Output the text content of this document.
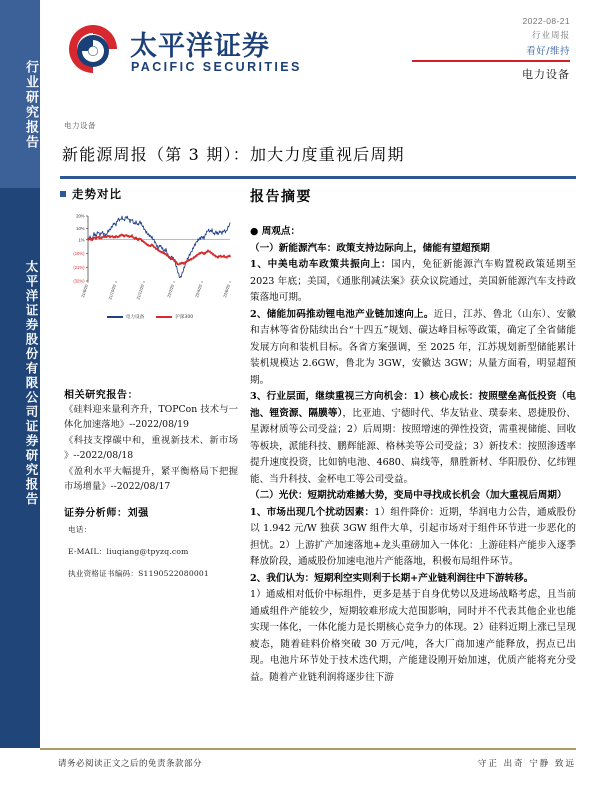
行业研究报告
太平洋证券股份有限公司证券研究报告
太平洋证券
PACIFIC SECURITIES
2022-08-21
行业周报
看好/维持
电力设备
电力设备
新能源周报（第 3 期）：加大力度重视后周期
走势对比
20%
10%
1%
(10%)
(21%)
(32%)
21/8/20	21/10/20	21/12/20	22/2/20	22/4/20	22/6/20
电力设备	沪深300
相关研究报告：
《硅料迎来量利齐升，TOPCon 技术与一体化加速落地》--2022/08/19
《科技支撑碳中和，重视新技术、新市场 》--2022/08/18
《盈利水平大幅提升，紧平衡格局下把握市场增量》--2022/08/17
证券分析师：刘强
电话：
E-MAIL：liuqiang@tpyzq.com
执业资格证书编码：S1190522080001
报告摘要
● 周观点：
（一）新能源汽车：政策支持边际向上，储能有望超预期
1、中美电动车政策共振向上：国内，免征新能源汽车购置税政策延期至 2023 年底；美国，《通胀削减法案》获众议院通过，美国新能源汽车支持政策落地可期。
2、储能加码推动锂电池产业链加速向上。近日，江苏、鲁北（山东）、安徽和吉林等省份陆续出台“十四五”规划、碳达峰目标等政策，确定了全省储能发展方向和装机目标。各省方案强调，至 2025 年，江苏规划新型储能累计装机规模达 2.6GW，鲁北为 3GW，安徽达 3GW；从量方面看，明显超预期。
3、行业层面，继续重视三方向机会：1）核心成长：按照壁垒高低投资（电池、锂资源、隔膜等），比亚迪、宁德时代、华友钴业、璞泰来、恩捷股份、星源材质等公司受益；2）后周期：按照增速的弹性投资，需重视储能、回收等板块，派能科技、鹏辉能源、格林美等公司受益；3）新技术：按照渗透率提升速度投资，比如钠电池、4680、扁线等，鼎胜新材、华阳股份、亿纬锂能、当升科技、金杯电工等公司受益。
（二）光伏：短期扰动难撼大势，变局中寻找成长机会（加大重视后周期）
1、市场出现几个扰动因素：1）组件降价：近期，华润电力公告，通威股份以 1.942 元/W 独获 3GW 组件大单，引起市场对于组件环节进一步恶化的担忧。2）上游扩产加速落地+龙头重磅加入一体化：上游硅料产能步入逐季释放阶段，通威股份加速电池片产能落地，积极布局组件环节。
2、我们认为：短期利空实则利于长期+产业链利润往中下游转移。
1）通威相对低价中标组件，更多是基于自身优势以及进场战略考虑，且当前通威组件产能较少，短期较难形成大范围影响，同时并不代表其他企业也能实现一体化，一体化能力是长期核心竞争力的体现。2）硅料近期上涨已呈现疲态，随着硅料价格突破 30 万元/吨，各大厂商加速产能释放，拐点已出现。电池片环节处于技术迭代期，产能建设刚开始加速，优质产能将充分受益。随着产业链利润将逐步往下游
请务必阅读正文之后的免责条款部分	守正 出奇 宁静 致远
